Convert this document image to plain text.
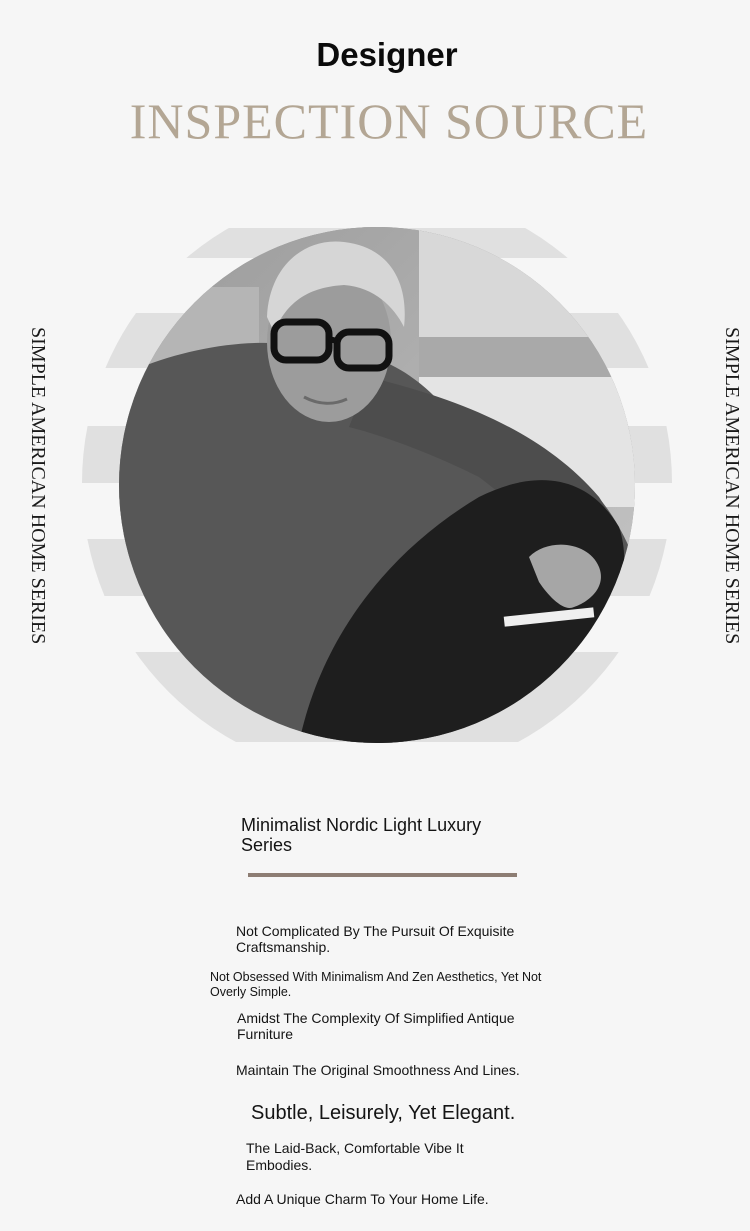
Designer
INSPECTION SOURCE
SIMPLE AMERICAN HOME SERIES	SIMPLE AMERICAN HOME SERIES
Minimalist Nordic Light Luxury Series
Not Complicated By The Pursuit Of Exquisite Craftsmanship.
Not Obsessed With Minimalism And Zen Aesthetics, Yet Not Overly Simple.
Amidst The Complexity Of Simplified Antique Furniture
Maintain The Original Smoothness And Lines.
Subtle, Leisurely, Yet Elegant.
The Laid-Back, Comfortable Vibe It Embodies.
Add A Unique Charm To Your Home Life.
